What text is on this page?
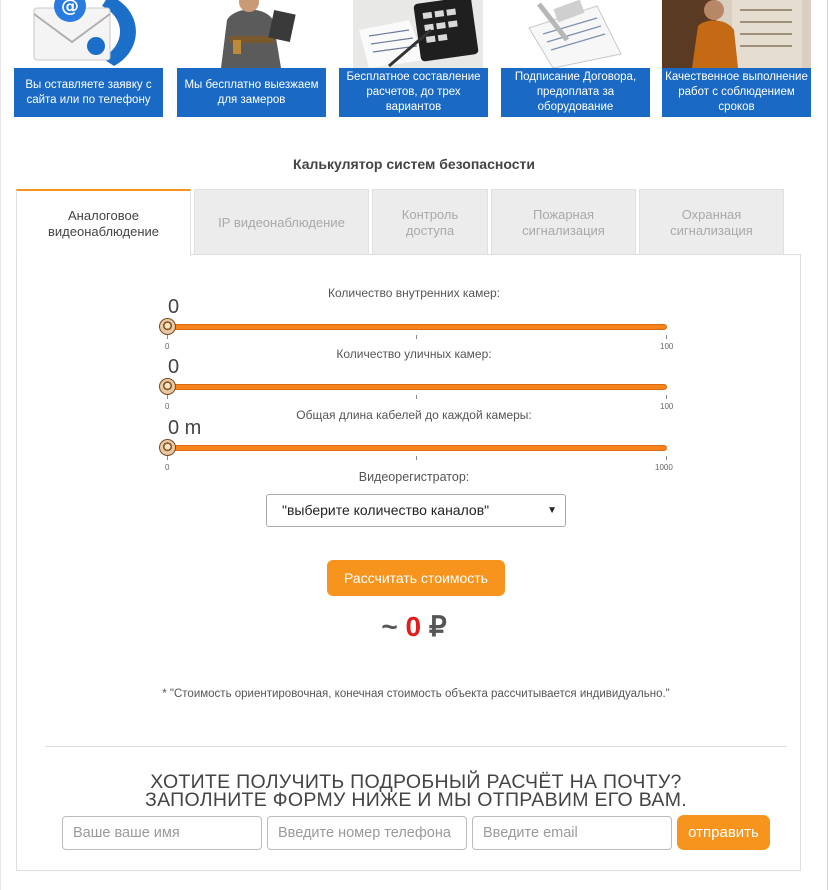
@
Вы оставляете заявку с сайта или по телефону
Мы бесплатно выезжаем для замеров
Бесплатное составление расчетов, до трех вариантов
Подписание Договора, предоплата за оборудование
Качественное выполнение работ с соблюдением сроков
Калькулятор систем безопасности
Аналоговое видеонаблюдение
IP видеонаблюдение
Контроль доступа
Пожарная сигнализация
Охранная сигнализация
Количество внутренних камер:
0
0	100
Количество уличных камер:
0
0	100
Общая длина кабелей до каждой камеры:
0 m
0	1000
Видеорегистратор:
"выберите количество каналов"	▼
Рассчитать стоимость
~ 0 ₽
* "Стоимость ориентировочная, конечная стоимость объекта рассчитывается индивидуально."
ХОТИТЕ ПОЛУЧИТЬ ПОДРОБНЫЙ РАСЧЁТ НА ПОЧТУ?
ЗАПОЛНИТЕ ФОРМУ НИЖЕ И МЫ ОТПРАВИМ ЕГО ВАМ.
Ваше ваше имя
Введите номер телефона
Введите email
отправить
